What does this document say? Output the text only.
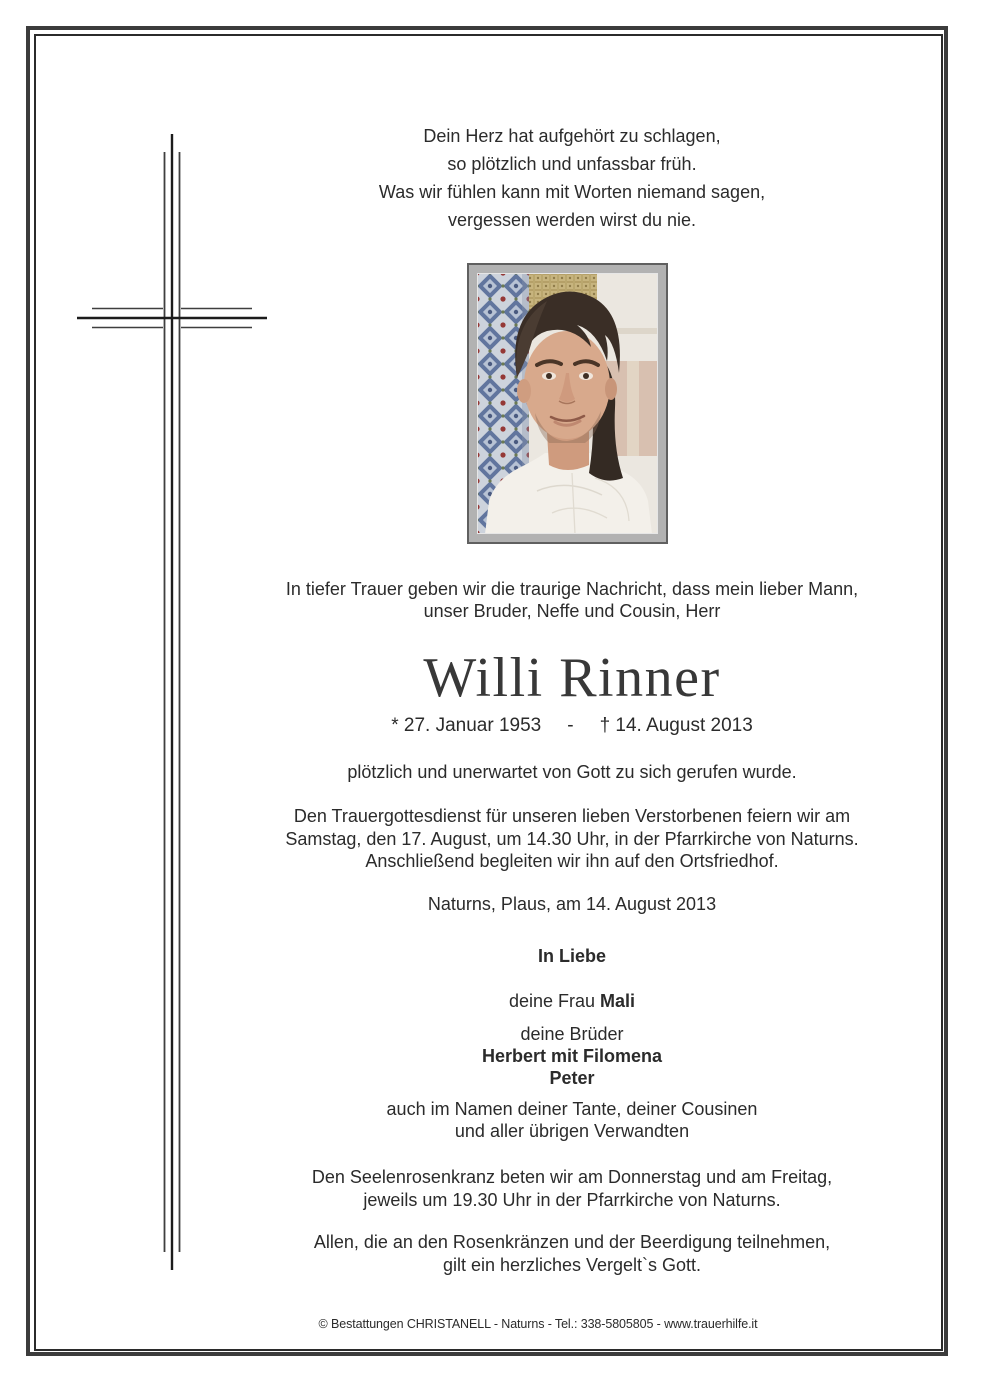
Dein Herz hat aufgehört zu schlagen,
so plötzlich und unfassbar früh.
Was wir fühlen kann mit Worten niemand sagen,
vergessen werden wirst du nie.
In tiefer Trauer geben wir die traurige Nachricht, dass mein lieber Mann,
unser Bruder, Neffe und Cousin, Herr
Willi Rinner
* 27. Januar 1953 - † 14. August 2013
plötzlich und unerwartet von Gott zu sich gerufen wurde.
Den Trauergottesdienst für unseren lieben Verstorbenen feiern wir am
Samstag, den 17. August, um 14.30 Uhr, in der Pfarrkirche von Naturns.
Anschließend begleiten wir ihn auf den Ortsfriedhof.
Naturns, Plaus, am 14. August 2013
In Liebe
deine Frau Mali
deine Brüder
Herbert mit Filomena
Peter
auch im Namen deiner Tante, deiner Cousinen
und aller übrigen Verwandten
Den Seelenrosenkranz beten wir am Donnerstag und am Freitag,
jeweils um 19.30 Uhr in der Pfarrkirche von Naturns.
Allen, die an den Rosenkränzen und der Beerdigung teilnehmen,
gilt ein herzliches Vergelt`s Gott.
© Bestattungen CHRISTANELL - Naturns - Tel.: 338-5805805 - www.trauerhilfe.it
